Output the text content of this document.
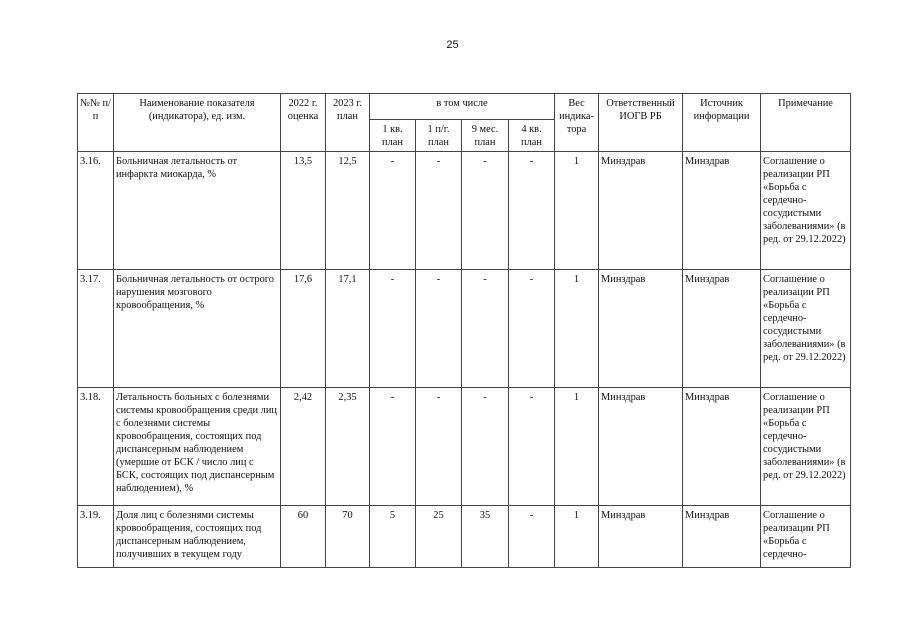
25
№№ п/п	Наименование показателя (индикатора), ед. изм.	2022 г. оценка	2023 г. план	в том числе				Вес индика-тора	Ответственный ИОГВ РБ	Источник информации	Примечание
				1 кв. план	1 п/г. план	9 мес. план	4 кв. план				
3.16.	Больничная летальность от инфаркта миокарда, %	13,5	12,5	-	-	-	-	1	Минздрав	Минздрав	Соглашение о реализации РП «Борьба с сердечно-сосудистыми заболеваниями» (в ред. от 29.12.2022)
3.17.	Больничная летальность от острого нарушения мозгового кровообращения, %	17,6	17,1	-	-	-	-	1	Минздрав	Минздрав	Соглашение о реализации РП «Борьба с сердечно-сосудистыми заболеваниями» (в ред. от 29.12.2022)
3.18.	Летальность больных с болезнями системы кровообращения среди лиц с болезнями системы кровообращения, состоящих под диспансерным наблюдением (умершие от БСК / число лиц с БСК, состоящих под диспансерным наблюдением), %	2,42	2,35	-	-	-	-	1	Минздрав	Минздрав	Соглашение о реализации РП «Борьба с сердечно-сосудистыми заболеваниями» (в ред. от 29.12.2022)
3.19.	Доля лиц с болезнями системы кровообращения, состоящих под диспансерным наблюдением, получивших в текущем году	60	70	5	25	35	-	1	Минздрав	Минздрав	Соглашение о реализации РП «Борьба с сердечно-
